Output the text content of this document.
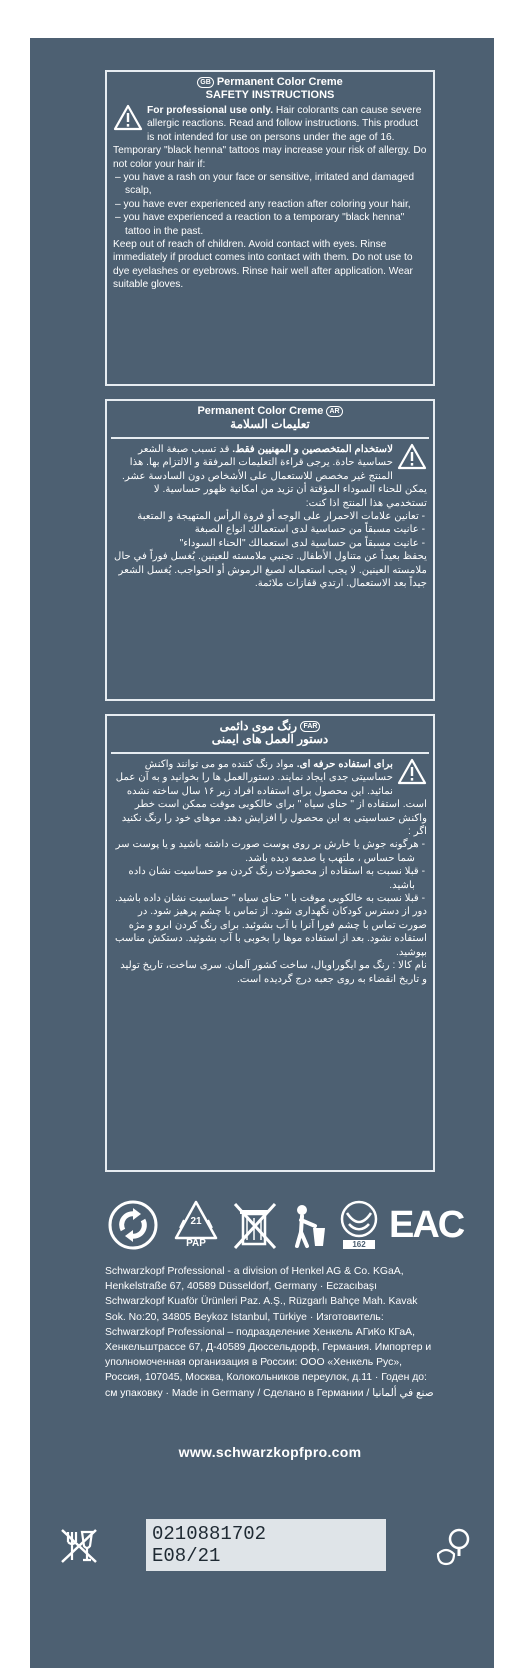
GB Permanent Color Creme
SAFETY INSTRUCTIONS
For professional use only. Hair colorants can cause severe allergic reactions. Read and follow instructions. This product is not intended for use on persons under the age of 16. Temporary "black henna" tattoos may increase your risk of allergy. Do not color your hair if:
– you have a rash on your face or sensitive, irritated and damaged scalp,
– you have ever experienced any reaction after coloring your hair,
– you have experienced a reaction to a temporary "black henna" tattoo in the past.
Keep out of reach of children. Avoid contact with eyes. Rinse immediately if product comes into contact with them. Do not use to dye eyelashes or eyebrows. Rinse hair well after application. Wear suitable gloves.
Permanent Color Creme AR
تعليمات السلامة
لاستخدام المتخصصين و المهنيين فقط. قد تسبب صبغة الشعر حساسية حادة. يرجى قراءة التعليمات المرفقة و الالتزام بها. هذا المنتج غير مخصص للاستعمال على الأشخاص دون السادسة عشر. يمكن للحناء السوداء المؤقتة أن تزيد من امكانية ظهور حساسية. لا تستخدمي هذا المنتج اذا كنت:
- تعانين علامات الاحمرار على الوجه أو فروة الرأس المتهيجة و المتعبة
- عانيت مسبقاً من حساسية لدى استعمالك انواع الصبغة
- عانيت مسبقاً من حساسية لدى استعمالك "الحناء السوداء"
يحفظ بعيداً عن متناول الأطفال. تجنبي ملامسته للعينين. يُغسل فوراً في حال ملامسته العينين. لا يجب استعماله لصبغ الرموش أو الحواجب. يُغسل الشعر جيداً بعد الاستعمال. ارتدي قفازات ملائمة.
رنگ موی دائمی FAR
دستور العمل های ایمنی
برای استفاده حرفه ای. مواد رنگ کننده مو می توانند واکنش حساسیتی جدی ایجاد نمایند. دستورالعمل ها را بخوانید و به آن عمل نمائید. این محصول برای استفاده افراد زیر ۱۶ سال ساخته نشده است. استفاده از " حنای سیاه " برای خالکوبی موقت ممکن است خطر واکنش حساسیتی به این محصول را افزایش دهد. موهای خود را رنگ نکنید اگر :
- هرگونه جوش یا خارش بر روی پوست صورت داشته باشید و یا پوست سر شما حساس ، ملتهب یا صدمه دیده باشد.
- قبلا نسبت به استفاده از محصولات رنگ کردن مو حساسیت نشان داده باشید.
- قبلا نسبت به خالکوبی موقت با " حنای سیاه " حساسیت نشان داده باشید.
دور از دسترس کودکان نگهداری شود. از تماس با چشم پرهیز شود. در صورت تماس با چشم فورا آنرا با آب بشوئید. برای رنگ کردن ابرو و مژه استفاده نشود. بعد از استفاده موها را بخوبی با آب بشوئید. دستکش مناسب بپوشید.
نام کالا : رنگ مو ایگوراویال، ساخت کشور آلمان. سری ساخت، تاریخ تولید و تاریخ انقضاء به روی جعبه درج گردیده است.
21
PAP	162 EAC
Schwarzkopf Professional - a division of Henkel AG & Co. KGaA, Henkelstraße 67, 40589 Düsseldorf, Germany · Eczacıbaşı Schwarzkopf Kuaför Ürünleri Paz. A.Ş., Rüzgarlı Bahçe Mah. Kavak Sok. No:20, 34805 Beykoz Istanbul, Türkiye · Изготовитель: Schwarzkopf Professional – подразделение Хенкель АГиКо КГаА, Хенкельштрассе 67, Д-40589 Дюссельдорф, Германия. Импортер и уполномоченная организация в России: ООО «Хенкель Рус», Россия, 107045, Москва, Колокольников переулок, д.11 · Годен до: см упаковку · Made in Germany / Сделано в Германии / صنع في ألمانيا
www.schwarzkopfpro.com
0210881702
E08/21
